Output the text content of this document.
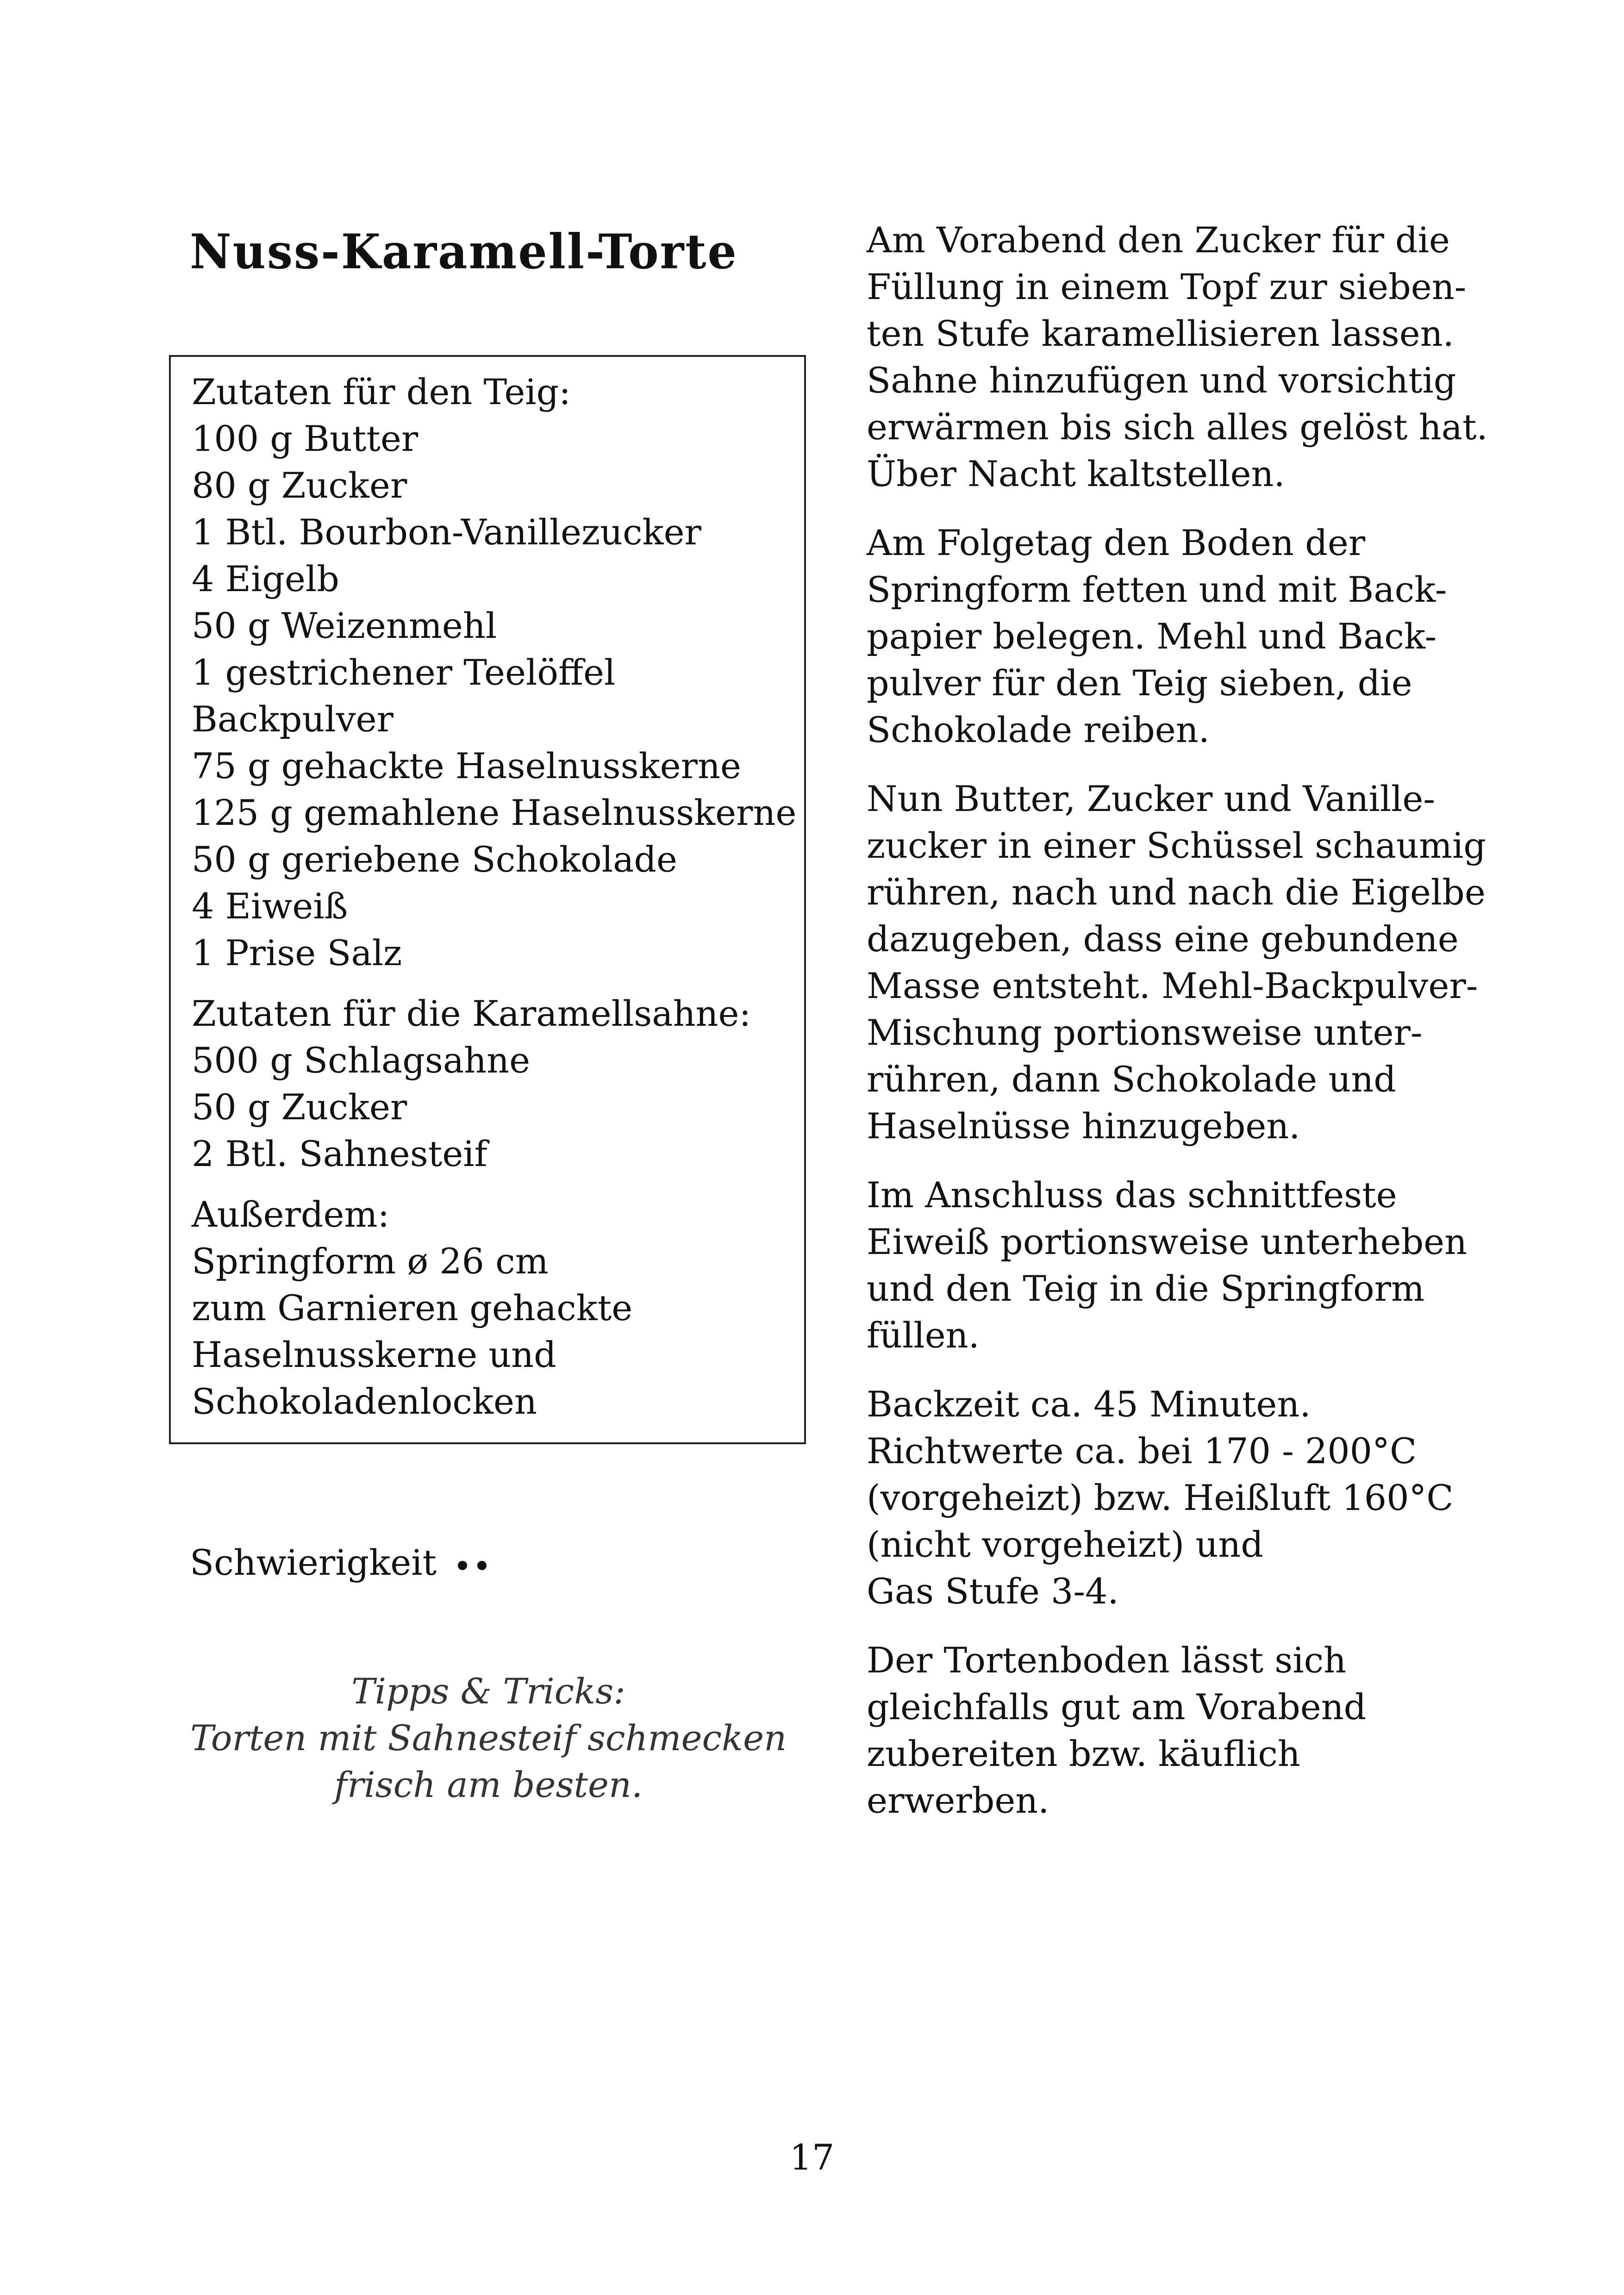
Nuss-Karamell-Torte
Zutaten für den Teig:
100 g Butter
80 g Zucker
1 Btl. Bourbon-Vanillezucker
4 Eigelb
50 g Weizenmehl
1 gestrichener Teelöffel
Backpulver
75 g gehackte Haselnusskerne
125 g gemahlene Haselnusskerne
50 g geriebene Schokolade
4 Eiweiß
1 Prise Salz
Zutaten für die Karamellsahne:
500 g Schlagsahne
50 g Zucker
2 Btl. Sahnesteif
Außerdem:
Springform ø 26 cm
zum Garnieren gehackte
Haselnusskerne und
Schokoladenlocken
Schwierigkeit
Tipps & Tricks:
Torten mit Sahnesteif schmecken
frisch am besten.

Am Vorabend den Zucker für die
Füllung in einem Topf zur sieben-
ten Stufe karamellisieren lassen.
Sahne hinzufügen und vorsichtig
erwärmen bis sich alles gelöst hat.
Über Nacht kaltstellen.

Am Folgetag den Boden der
Springform fetten und mit Back-
papier belegen. Mehl und Back-
pulver für den Teig sieben, die
Schokolade reiben.

Nun Butter, Zucker und Vanille-
zucker in einer Schüssel schaumig
rühren, nach und nach die Eigelbe
dazugeben, dass eine gebundene
Masse entsteht. Mehl-Backpulver-
Mischung portionsweise unter-
rühren, dann Schokolade und
Haselnüsse hinzugeben.

Im Anschluss das schnittfeste
Eiweiß portionsweise unterheben
und den Teig in die Springform
füllen.

Backzeit ca. 45 Minuten.
Richtwerte ca. bei 170 - 200°C
(vorgeheizt) bzw. Heißluft 160°C
(nicht vorgeheizt) und
Gas Stufe 3-4.

Der Tortenboden lässt sich
gleichfalls gut am Vorabend
zubereiten bzw. käuflich
erwerben.

17
